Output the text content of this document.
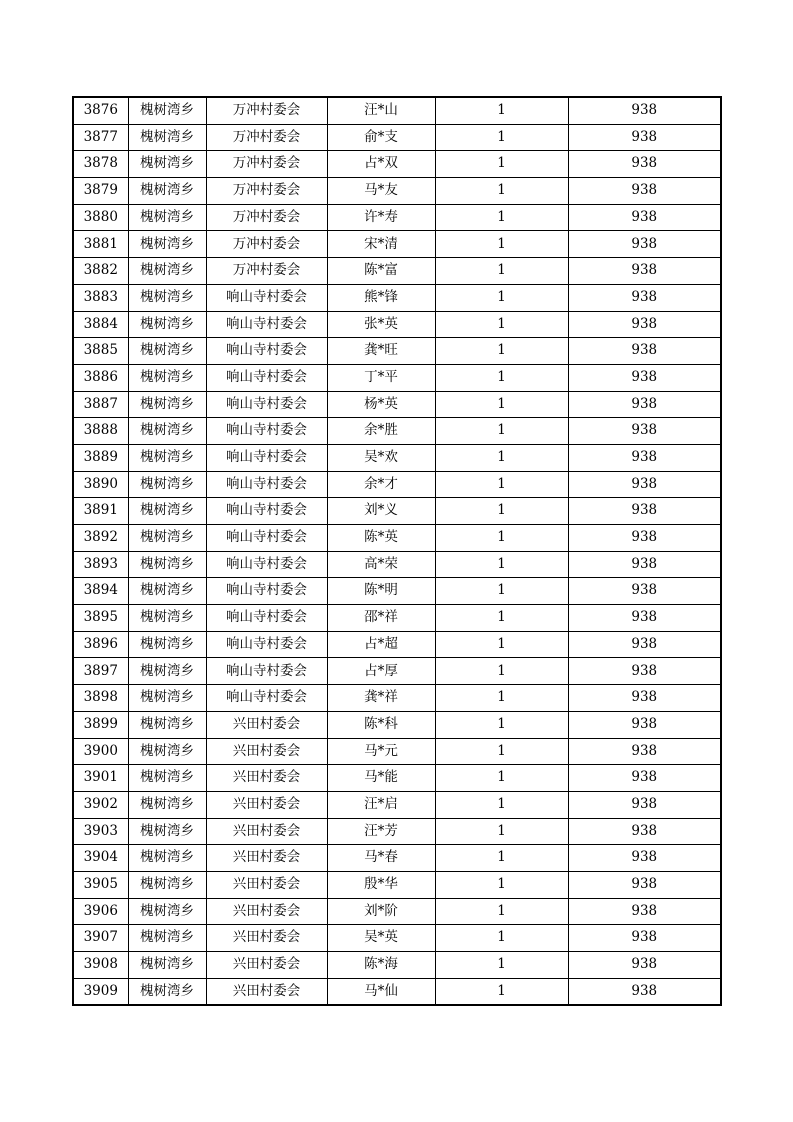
3876	槐树湾乡	万冲村委会	汪*山	1	938
3877	槐树湾乡	万冲村委会	俞*支	1	938
3878	槐树湾乡	万冲村委会	占*双	1	938
3879	槐树湾乡	万冲村委会	马*友	1	938
3880	槐树湾乡	万冲村委会	许*寿	1	938
3881	槐树湾乡	万冲村委会	宋*清	1	938
3882	槐树湾乡	万冲村委会	陈*富	1	938
3883	槐树湾乡	响山寺村委会	熊*锋	1	938
3884	槐树湾乡	响山寺村委会	张*英	1	938
3885	槐树湾乡	响山寺村委会	龚*旺	1	938
3886	槐树湾乡	响山寺村委会	丁*平	1	938
3887	槐树湾乡	响山寺村委会	杨*英	1	938
3888	槐树湾乡	响山寺村委会	余*胜	1	938
3889	槐树湾乡	响山寺村委会	吴*欢	1	938
3890	槐树湾乡	响山寺村委会	余*才	1	938
3891	槐树湾乡	响山寺村委会	刘*义	1	938
3892	槐树湾乡	响山寺村委会	陈*英	1	938
3893	槐树湾乡	响山寺村委会	高*荣	1	938
3894	槐树湾乡	响山寺村委会	陈*明	1	938
3895	槐树湾乡	响山寺村委会	邵*祥	1	938
3896	槐树湾乡	响山寺村委会	占*超	1	938
3897	槐树湾乡	响山寺村委会	占*厚	1	938
3898	槐树湾乡	响山寺村委会	龚*祥	1	938
3899	槐树湾乡	兴田村委会	陈*科	1	938
3900	槐树湾乡	兴田村委会	马*元	1	938
3901	槐树湾乡	兴田村委会	马*能	1	938
3902	槐树湾乡	兴田村委会	汪*启	1	938
3903	槐树湾乡	兴田村委会	汪*芳	1	938
3904	槐树湾乡	兴田村委会	马*春	1	938
3905	槐树湾乡	兴田村委会	殷*华	1	938
3906	槐树湾乡	兴田村委会	刘*阶	1	938
3907	槐树湾乡	兴田村委会	吴*英	1	938
3908	槐树湾乡	兴田村委会	陈*海	1	938
3909	槐树湾乡	兴田村委会	马*仙	1	938
